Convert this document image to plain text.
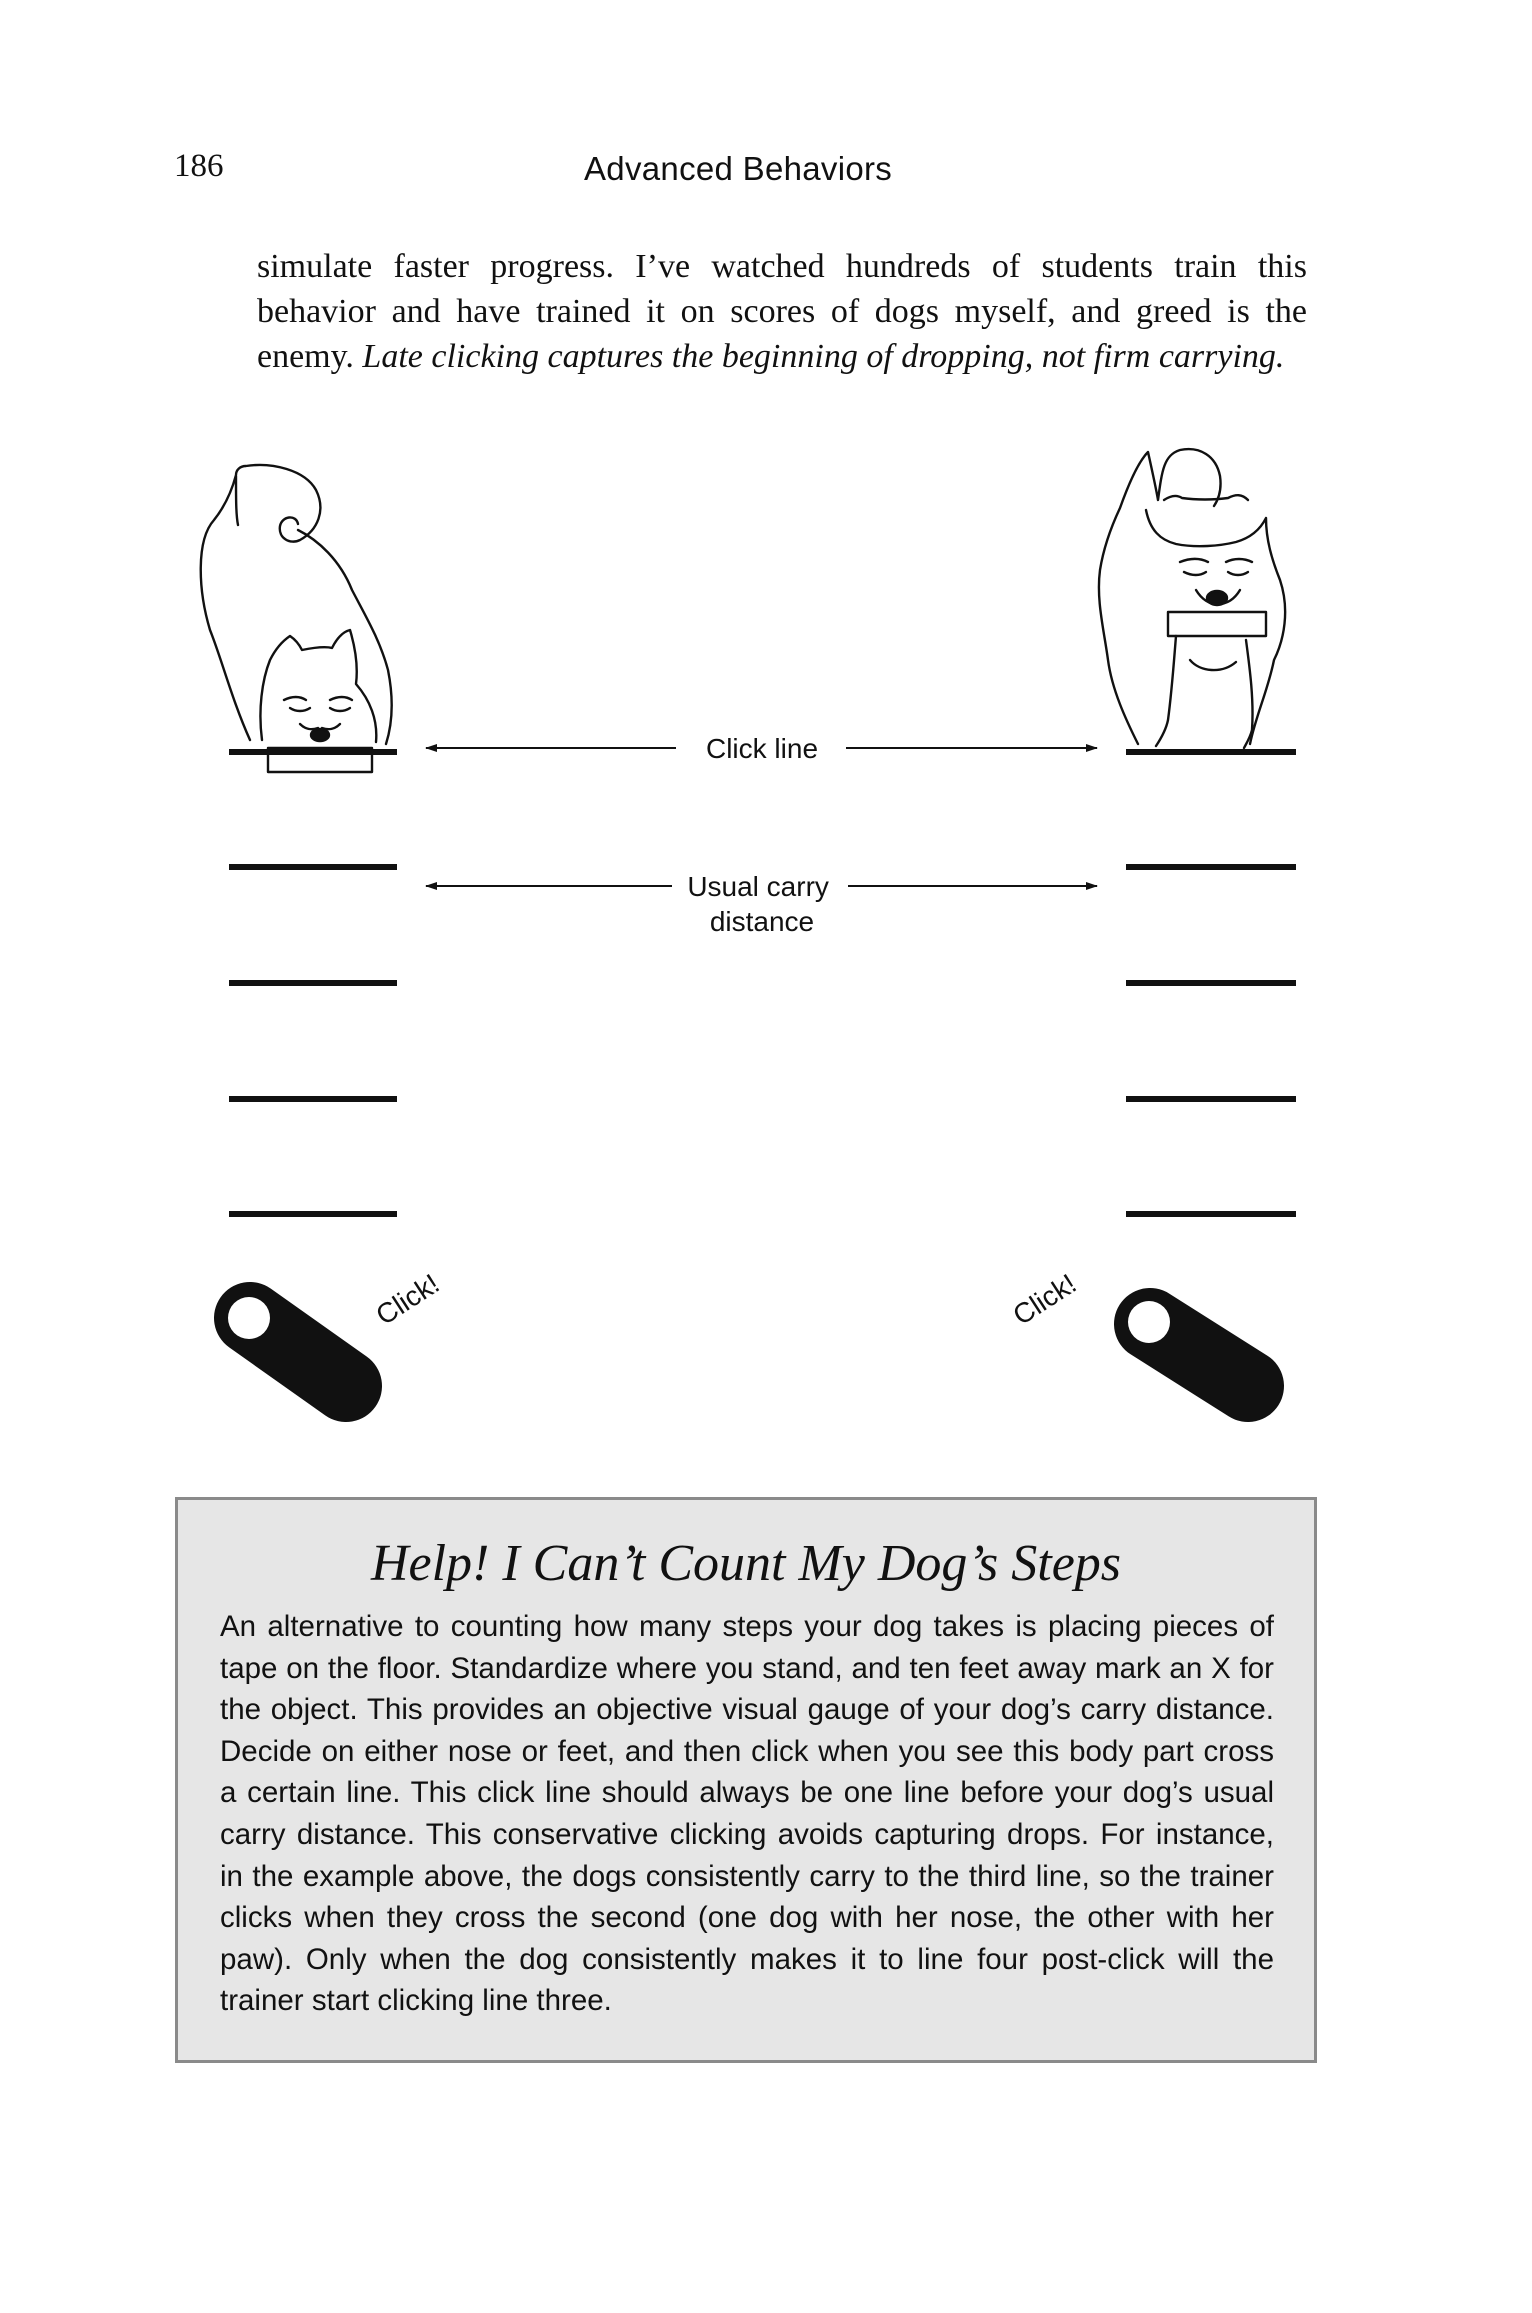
186	Advanced Behaviors

simulate faster progress. I’ve watched hundreds of students train this behavior and have trained it on scores of dogs myself, and greed is the enemy. Late clicking captures the beginning of dropping, not firm carrying.

Click line
Usual carry distance
Click!	Click!
Help! I Can’t Count My Dog’s Steps

An alternative to counting how many steps your dog takes is placing pieces of tape on the floor. Standardize where you stand, and ten feet away mark an X for the object. This provides an objective visual gauge of your dog’s carry distance. Decide on either nose or feet, and then click when you see this body part cross a certain line. This click line should always be one line before your dog’s usual carry distance. This conservative clicking avoids capturing drops. For instance, in the example above, the dogs consistently carry to the third line, so the trainer clicks when they cross the second (one dog with her nose, the other with her paw). Only when the dog consistently makes it to line four post-click will the trainer start clicking line three.
